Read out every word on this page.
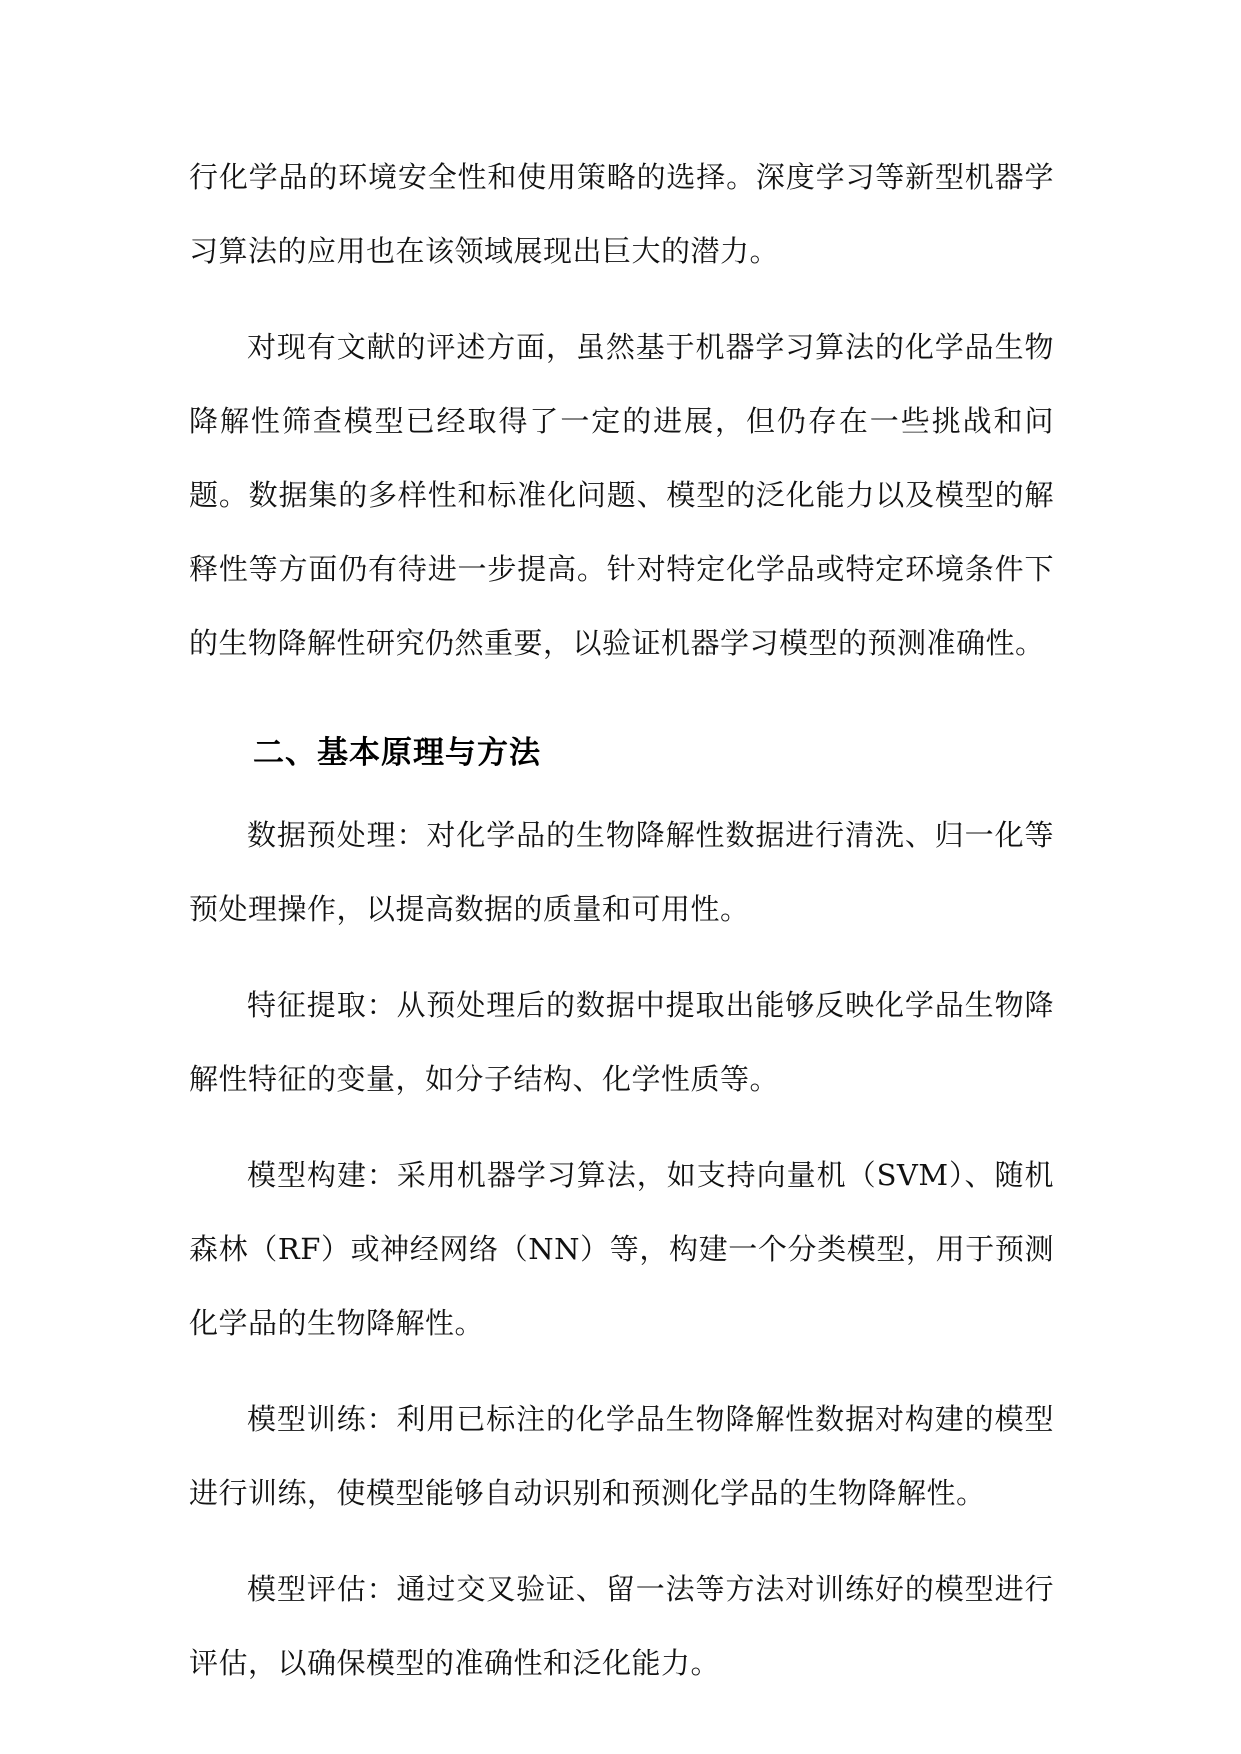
行化学品的环境安全性和使用策略的选择。深度学习等新型机器学习算法的应用也在该领域展现出巨大的潜力。

对现有文献的评述方面，虽然基于机器学习算法的化学品生物降解性筛查模型已经取得了一定的进展，但仍存在一些挑战和问题。数据集的多样性和标准化问题、模型的泛化能力以及模型的解释性等方面仍有待进一步提高。针对特定化学品或特定环境条件下的生物降解性研究仍然重要，以验证机器学习模型的预测准确性。

二、基本原理与方法

数据预处理：对化学品的生物降解性数据进行清洗、归一化等预处理操作，以提高数据的质量和可用性。

特征提取：从预处理后的数据中提取出能够反映化学品生物降解性特征的变量，如分子结构、化学性质等。

模型构建：采用机器学习算法，如支持向量机（SVM）、随机森林（RF）或神经网络（NN）等，构建一个分类模型，用于预测化学品的生物降解性。

模型训练：利用已标注的化学品生物降解性数据对构建的模型进行训练，使模型能够自动识别和预测化学品的生物降解性。

模型评估：通过交叉验证、留一法等方法对训练好的模型进行评估，以确保模型的准确性和泛化能力。
